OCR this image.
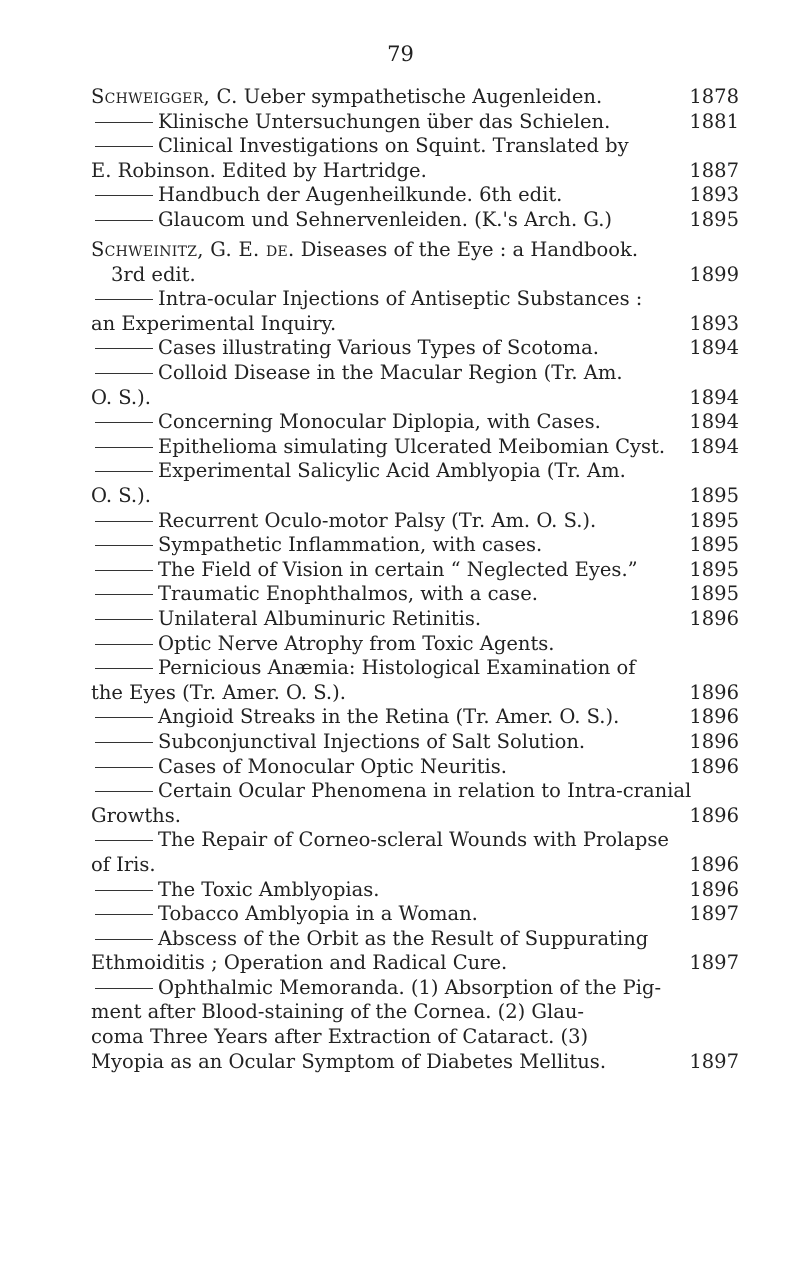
79
Schweigger, C. Ueber sympathetische Augenleiden.	1878
Klinische Untersuchungen über das Schielen.	1881
Clinical Investigations on Squint. Translated by
E. Robinson. Edited by Hartridge.	1887
Handbuch der Augenheilkunde. 6th edit.	1893
Glaucom und Sehnervenleiden. (K.'s Arch. G.)	1895
Schweinitz, G. E. de. Diseases of the Eye : a Handbook.
3rd edit.	1899
Intra-ocular Injections of Antiseptic Substances :
an Experimental Inquiry.	1893
Cases illustrating Various Types of Scotoma.	1894
Colloid Disease in the Macular Region (Tr. Am.
O. S.).	1894
Concerning Monocular Diplopia, with Cases.	1894
Epithelioma simulating Ulcerated Meibomian Cyst.	1894
Experimental Salicylic Acid Amblyopia (Tr. Am.
O. S.).	1895
Recurrent Oculo-motor Palsy (Tr. Am. O. S.).	1895
Sympathetic Inflammation, with cases.	1895
The Field of Vision in certain “ Neglected Eyes.”	1895
Traumatic Enophthalmos, with a case.	1895
Unilateral Albuminuric Retinitis.	1896
Optic Nerve Atrophy from Toxic Agents.
Pernicious Anæmia: Histological Examination of
the Eyes (Tr. Amer. O. S.).	1896
Angioid Streaks in the Retina (Tr. Amer. O. S.).	1896
Subconjunctival Injections of Salt Solution.	1896
Cases of Monocular Optic Neuritis.	1896
Certain Ocular Phenomena in relation to Intra-cranial
Growths.	1896
The Repair of Corneo-scleral Wounds with Prolapse
of Iris.	1896
The Toxic Amblyopias.	1896
Tobacco Amblyopia in a Woman.	1897
Abscess of the Orbit as the Result of Suppurating
Ethmoiditis ; Operation and Radical Cure.	1897
Ophthalmic Memoranda. (1) Absorption of the Pig-
ment after Blood-staining of the Cornea. (2) Glau-
coma Three Years after Extraction of Cataract. (3)
Myopia as an Ocular Symptom of Diabetes Mellitus.	1897
